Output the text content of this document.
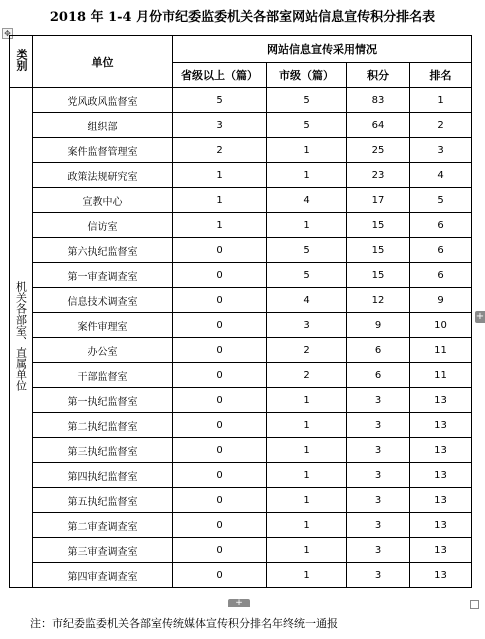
2018 年 1-4 月份市纪委监委机关各部室网站信息宣传积分排名表
✥
类别	单位	网站信息宣传采用情况			
		省级以上（篇）	市级（篇）	积分	排名
机关各部室、直属单位	党风政风监督室	5	5	83	1
	组织部	3	5	64	2
	案件监督管理室	2	1	25	3
	政策法规研究室	1	1	23	4
	宣教中心	1	4	17	5
	信访室	1	1	15	6
	第六执纪监督室	0	5	15	6
	第一审查调查室	0	5	15	6
	信息技术调查室	0	4	12	9
	案件审理室	0	3	9	10
	办公室	0	2	6	11
	干部监督室	0	2	6	11
	第一执纪监督室	0	1	3	13
	第二执纪监督室	0	1	3	13
	第三执纪监督室	0	1	3	13
	第四执纪监督室	0	1	3	13
	第五执纪监督室	0	1	3	13
	第二审查调查室	0	1	3	13
	第三审查调查室	0	1	3	13
	第四审查调查室	0	1	3	13
+
+
注：市纪委监委机关各部室传统媒体宣传积分排名年终统一通报
